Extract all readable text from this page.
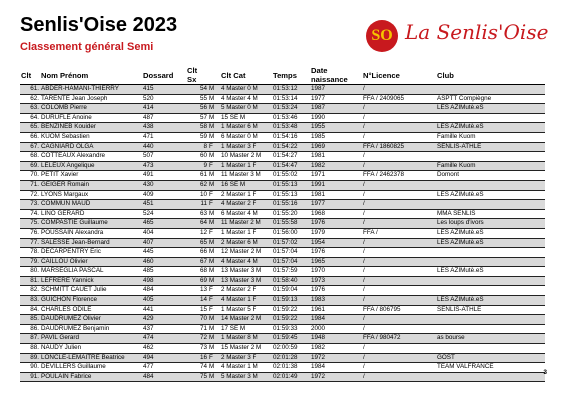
Senlis'Oise 2023
Classement général Semi
SO La Senlis'Oise
Clt	Nom Prénom	Dossard	Clt Sx		Clt Cat	Temps	Date naissance	N°Licence	Club
61.	ABDER-HAMANI-THIERRY	415	54	M	4 Master 0 M	01:53:12	1987	/	
62.	TARENTE Jean Joseph	520	55	M	4 Master 4 M	01:53:14	1977	FFA / 2409065	ASPTT Compiègne
63.	COLOMB Pierre	414	56	M	5 Master 0 M	01:53:24	1987	/	LES AZIMutè.eS
64.	DURUFLE Anoine	487	57	M	15 SE M	01:53:46	1990	/	
65.	BENZINEB Kouider	438	58	M	1 Master 6 M	01:53:48	1955	/	LES AZIMutè.eS
66.	KUOM Sebastien	471	59	M	6 Master 0 M	01:54:16	1985	/	Famille Kuom
67.	CAGNIARD OLGA	440	8	F	1 Master 3 F	01:54:22	1969	FFA / 1860825	SENLIS-ATHLE
68.	COTTEAUX Alexandre	507	60	M	10 Master 2 M	01:54:27	1981	/	
69.	LELEUX Angelique	473	9	F	1 Master 1 F	01:54:47	1982	/	Famille Kuom
70.	PETIT Xavier	491	61	M	11 Master 3 M	01:55:02	1971	FFA / 2462378	Domont
71.	GEIGER Romain	430	62	M	16 SE M	01:55:13	1991	/	
72.	LYONS Margaux	409	10	F	2 Master 1 F	01:55:13	1981	/	LES AZIMutè.eS
73.	COMMUN MAUD	451	11	F	4 Master 2 F	01:55:16	1977	/	
74.	LINO GERARD	524	63	M	6 Master 4 M	01:55:20	1968	/	MMA SENLIS
75.	COMPASTIE Guillaume	465	64	M	11 Master 2 M	01:55:58	1976	/	Les loups d'ivors
76.	POUSSAIN Alexandra	404	12	F	1 Master 1 F	01:56:00	1979	FFA /	LES AZIMutè.eS
77.	SALESSE Jean-Bernard	407	65	M	2 Master 6 M	01:57:02	1954	/	LES AZIMutè.eS
78.	DECARPENTRY Eric	445	66	M	12 Master 2 M	01:57:04	1976	/	
79.	CAILLOU Olivier	460	67	M	4 Master 4 M	01:57:04	1965	/	
80.	MARSEGLIA PASCAL	485	68	M	13 Master 3 M	01:57:59	1970	/	LES AZIMutè.eS
81.	LEFRERE Yannick	498	69	M	13 Master 3 M	01:58:40	1973	/	
82.	SCHMITT CAUET Julie	484	13	F	2 Master 2 F	01:59:04	1976	/	
83.	GUICHON Florence	405	14	F	4 Master 1 F	01:59:13	1983	/	LES AZIMutè.eS
84.	CHARLES ODILE	441	15	F	1 Master 5 F	01:59:22	1961	FFA / 806795	SENLIS-ATHLE
85.	DAUDRUMEZ Olivier	429	70	M	14 Master 2 M	01:59:22	1984	/	
86.	DAUDRUMEZ Benjamin	437	71	M	17 SE M	01:59:33	2000	/	
87.	PAVIL Gerard	474	72	M	1 Master 8 M	01:59:45	1948	FFA / 980472	as bourse
88.	NAUDY Julien	462	73	M	15 Master 2 M	02:00:59	1982	/	
89.	LONCLE-LEMAITRE Beatrice	494	16	F	2 Master 3 F	02:01:28	1972	/	GOST
90.	DEVILLERS Guillaume	477	74	M	4 Master 1 M	02:01:38	1984	/	TEAM VALFRANCE
91.	POULAIN Fabrice	484	75	M	5 Master 3 M	02:01:49	1972	/	
3
